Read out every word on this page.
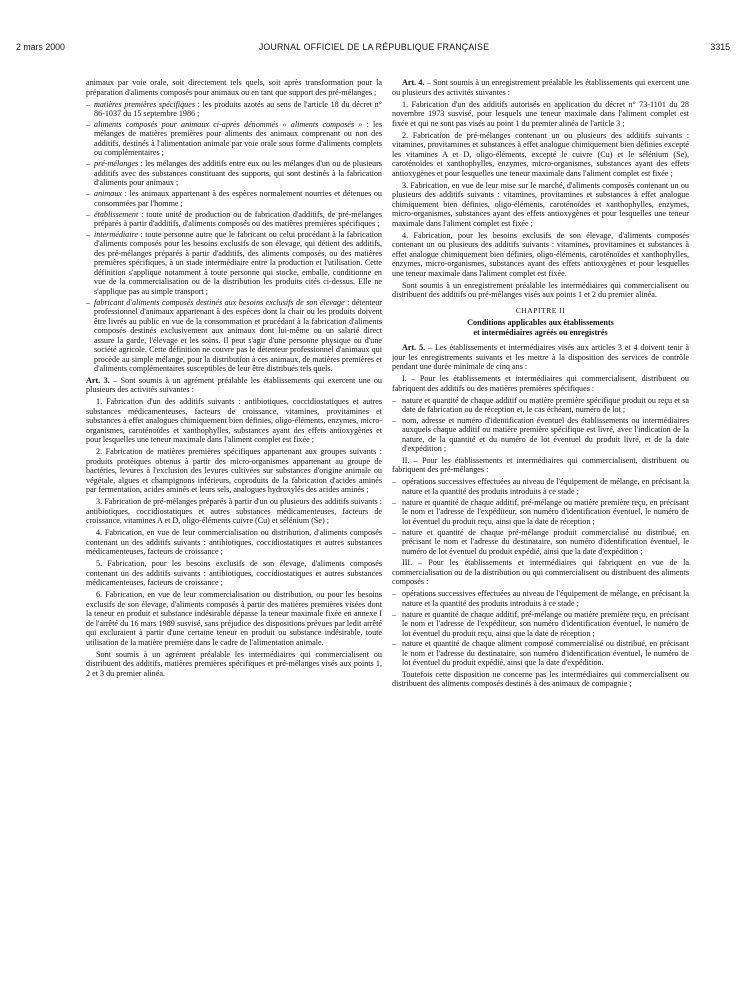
2 mars 2000	JOURNAL OFFICIEL DE LA RÉPUBLIQUE FRANÇAISE	3315

animaux par voie orale, soit directement tels quels, soit après transformation pour la préparation d'aliments composés pour animaux ou en tant que support des pré-mélanges ;

– matières premières spécifiques : les produits azotés au sens de l'article 18 du décret n° 86-1037 du 15 septembre 1986 ;
– aliments composés pour animaux ci-après dénommés « aliments composés » : les mélanges de matières premières pour aliments des animaux comprenant ou non des additifs, destinés à l'alimentation animale par voie orale sous forme d'aliments complets ou complémentaires ;
– pré-mélanges : les mélanges des additifs entre eux ou les mélanges d'un ou de plusieurs additifs avec des substances constituant des supports, qui sont destinés à la fabrication d'aliments pour animaux ;
– animaux : les animaux appartenant à des espèces normalement nourries et détenues ou consommées par l'homme ;
– établissement : toute unité de production ou de fabrication d'additifs, de pré-mélanges préparés à partir d'additifs, d'aliments composés ou des matières premières spécifiques ;
– intermédiaire : toute personne autre que le fabricant ou celui procédant à la fabrication d'aliments composés pour les besoins exclusifs de son élevage, qui détient des additifs, des pré-mélanges préparés à partir d'additifs, des aliments composés, ou des matières premières spécifiques, à un stade intermédiaire entre la production et l'utilisation. Cette définition s'applique notamment à toute personne qui stocke, emballe, conditionne en vue de la commercialisation ou de la distribution les produits cités ci-dessus. Elle ne s'applique pas au simple transport ;
– fabricant d'aliments composés destinés aux besoins exclusifs de son élevage : détenteur professionnel d'animaux appartenant à des espèces dont la chair ou les produits doivent être livrés au public en vue de la consommation et procédant à la fabrication d'aliments composés destinés exclusivement aux animaux dont lui-même ou un salarié direct assure la garde, l'élevage et les soins. Il peut s'agir d'une personne physique ou d'une société agricole. Cette définition ne couvre pas le détenteur professionnel d'animaux qui procède au simple mélange, pour la distribution à ces animaux, de matières premières et d'aliments complémentaires susceptibles de leur être distribués tels quels.

Art. 3. – Sont soumis à un agrément préalable les établissements qui exercent une ou plusieurs des activités suivantes :

1. Fabrication d'un des additifs suivants : antibiotiques, coccidiostatiques et autres substances médicamenteuses, facteurs de croissance, vitamines, provitamines et substances à effet analogues chimiquement bien définies, oligo-éléments, enzymes, micro-organismes, caroténoïdes et xanthophylles, substances ayant des effets antioxygènes et pour lesquelles une teneur maximale dans l'aliment complet est fixée ;

2. Fabrication de matières premières spécifiques appartenant aux groupes suivants : produits protéiques obtenus à partir des micro-organismes appartenant au groupe de bactéries, levures à l'exclusion des levures cultivées sur substances d'origine animale ou végétale, algues et champignons inférieurs, coproduits de la fabrication d'acides aminés par fermentation, acides aminés et leurs sels, analogues hydroxylés des acides aminés ;

3. Fabrication de pré-mélanges préparés à partir d'un ou plusieurs des additifs suivants : antibiotiques, coccidiostatiques et autres substances médicamenteuses, facteurs de croissance, vitamines A et D, oligo-éléments cuivre (Cu) et sélénium (Se) ;

4. Fabrication, en vue de leur commercialisation ou distribution, d'aliments composés contenant un des additifs suivants : antibiotiques, coccidiostatiques et autres substances médicamenteuses, facteurs de croissance ;

5. Fabrication, pour les besoins exclusifs de son élevage, d'aliments composés contenant un des additifs suivants : antibiotiques, coccidiostatiques et autres substances médicamenteuses, facteurs de croissance ;

6. Fabrication, en vue de leur commercialisation ou distribution, ou pour les besoins exclusifs de son élevage, d'aliments composés à partir des matières premières visées dont la teneur en produit et substance indésirable dépasse la teneur maximale fixée en annexe I de l'arrêté du 16 mars 1989 susvisé, sans préjudice des dispositions prévues par ledit arrêté qui excluraient à partir d'une certaine teneur en produit ou substance indésirable, toute utilisation de la matière première dans le cadre de l'alimentation animale.

Sont soumis à un agrément préalable les intermédiaires qui commercialisent ou distribuent des additifs, matières premières spécifiques et pré-mélanges visés aux points 1, 2 et 3 du premier alinéa.

Art. 4. – Sont soumis à un enregistrement préalable les établissements qui exercent une ou plusieurs des activités suivantes :

1. Fabrication d'un des additifs autorisés en application du décret n° 73-1101 du 28 novembre 1973 susvisé, pour lesquels une teneur maximale dans l'aliment complet est fixée et qui ne sont pas visés au point 1 du premier alinéa de l'article 3 ;

2. Fabrication de pré-mélanges contenant un ou plusieurs des additifs suivants : vitamines, provitamines et substances à effet analogue chimiquement bien définies excepté les vitamines A et D, oligo-éléments, excepté le cuivre (Cu) et le sélénium (Se), caroténoïdes et xanthophylles, enzymes, micro-organismes, substances ayant des effets antioxygènes et pour lesquelles une teneur maximale dans l'aliment complet est fixée ;

3. Fabrication, en vue de leur mise sur le marché, d'aliments composés contenant un ou plusieurs des additifs suivants : vitamines, provitamines et substances à effet analogue chimiquement bien définies, oligo-éléments, caroténoïdes et xanthophylles, enzymes, micro-organismes, substances ayant des effets antioxygènes et pour lesquelles une teneur maximale dans l'aliment complet est fixée ;

4. Fabrication, pour les besoins exclusifs de son élevage, d'aliments composés contenant un ou plusieurs des additifs suivants : vitamines, provitamines et substances à effet analogue chimiquement bien définies, oligo-éléments, caroténoïdes et xanthophylles, enzymes, micro-organismes, substances ayant des effets antioxygènes et pour lesquelles une teneur maximale dans l'aliment complet est fixée.

Sont soumis à un enregistrement préalable les intermédiaires qui commercialisent ou distribuent des additifs ou pré-mélanges visés aux points 1 et 2 du premier alinéa.

CHAPITRE II
Conditions applicables aux établissements
et intermédiaires agréés ou enregistrés

Art. 5. – Les établissements et intermédiaires visés aux articles 3 et 4 doivent tenir à jour les enregistrements suivants et les mettre à la disposition des services de contrôle pendant une durée minimale de cinq ans :

I. – Pour les établissements et intermédiaires qui commercialisent, distribuent ou fabriquent des additifs ou des matières premières spécifiques :

– nature et quantité de chaque additif ou matière première spécifique produit ou reçu et sa date de fabrication ou de réception et, le cas échéant, numéro de lot ;
– nom, adresse et numéro d'identification éventuel des établissements ou intermédiaires auxquels chaque additif ou matière première spécifique est livré, avec l'indication de la nature, de la quantité et du numéro de lot éventuel du produit livré, et de la date d'expédition ;

II. – Pour les établissements et intermédiaires qui commercialisent, distribuent ou fabriquent des pré-mélanges :

– opérations successives effectuées au niveau de l'équipement de mélange, en précisant la nature et la quantité des produits introduits à ce stade ;
– nature et quantité de chaque additif, pré-mélange ou matière première reçu, en précisant le nom et l'adresse de l'expéditeur, son numéro d'identification éventuel, le numéro de lot éventuel du produit reçu, ainsi que la date de réception ;
– nature et quantité de chaque pré-mélange produit commercialisé ou distribué, en précisant le nom et l'adresse du destinataire, son numéro d'identification éventuel, le numéro de lot éventuel du produit expédié, ainsi que la date d'expédition ;

III. – Pour les établissements et intermédiaires qui fabriquent en vue de la commercialisation ou de la distribution ou qui commercialisent ou distribuent des aliments composés :

– opérations successives effectuées au niveau de l'équipement de mélange, en précisant la nature et la quantité des produits introduits à ce stade ;
– nature et quantité de chaque additif, pré-mélange ou matière première reçu, en précisant le nom et l'adresse de l'expéditeur, son numéro d'identification éventuel, le numéro de lot éventuel du produit reçu, ainsi que la date de réception ;
– nature et quantité de chaque aliment composé commercialisé ou distribué, en précisant le nom et l'adresse du destinataire, son numéro d'identification éventuel, le numéro de lot éventuel du produit expédié, ainsi que la date d'expédition.

Toutefois cette disposition ne concerne pas les intermédiaires qui commercialisent ou distribuent des aliments composés destinés à des animaux de compagnie ;
